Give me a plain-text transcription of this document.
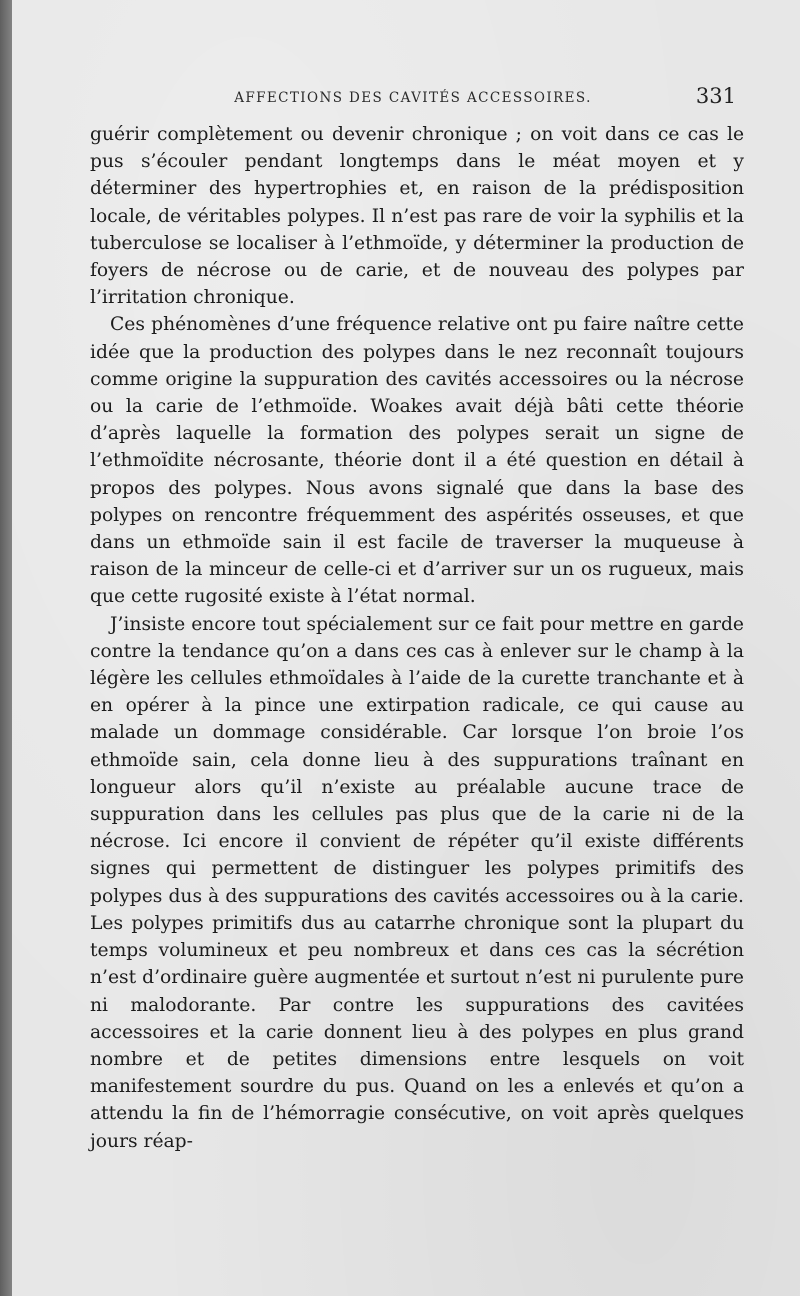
AFFECTIONS DES CAVITÉS ACCESSOIRES.	331

guérir complètement ou devenir chronique ; on voit dans ce cas le pus s’écouler pendant longtemps dans le méat moyen et y déterminer des hypertrophies et, en raison de la prédisposition locale, de véritables polypes. Il n’est pas rare de voir la syphilis et la tuberculose se localiser à l’ethmoïde, y déterminer la production de foyers de nécrose ou de carie, et de nouveau des polypes par l’irritation chronique.

Ces phénomènes d’une fréquence relative ont pu faire naître cette idée que la production des polypes dans le nez reconnaît toujours comme origine la suppuration des cavités accessoires ou la nécrose ou la carie de l’ethmoïde. Woakes avait déjà bâti cette théorie d’après laquelle la formation des polypes serait un signe de l’ethmoïdite nécrosante, théorie dont il a été question en détail à propos des polypes. Nous avons signalé que dans la base des polypes on rencontre fréquemment des aspérités osseuses, et que dans un ethmoïde sain il est facile de traverser la muqueuse à raison de la minceur de celle-ci et d’arriver sur un os rugueux, mais que cette rugosité existe à l’état normal.

J’insiste encore tout spécialement sur ce fait pour mettre en garde contre la tendance qu’on a dans ces cas à enlever sur le champ à la légère les cellules ethmoïdales à l’aide de la curette tranchante et à en opérer à la pince une extirpation radicale, ce qui cause au malade un dommage considérable. Car lorsque l’on broie l’os ethmoïde sain, cela donne lieu à des suppurations traînant en longueur alors qu’il n’existe au préalable aucune trace de suppuration dans les cellules pas plus que de la carie ni de la nécrose. Ici encore il convient de répéter qu’il existe différents signes qui permettent de distinguer les polypes primitifs des polypes dus à des suppurations des cavités accessoires ou à la carie. Les polypes primitifs dus au catarrhe chronique sont la plupart du temps volumineux et peu nombreux et dans ces cas la sécrétion n’est d’ordinaire guère augmentée et surtout n’est ni purulente pure ni malodorante. Par contre les suppurations des cavitées accessoires et la carie donnent lieu à des polypes en plus grand nombre et de petites dimensions entre lesquels on voit manifestement sourdre du pus. Quand on les a enlevés et qu’on a attendu la fin de l’hémorragie consécutive, on voit après quelques jours réap-
